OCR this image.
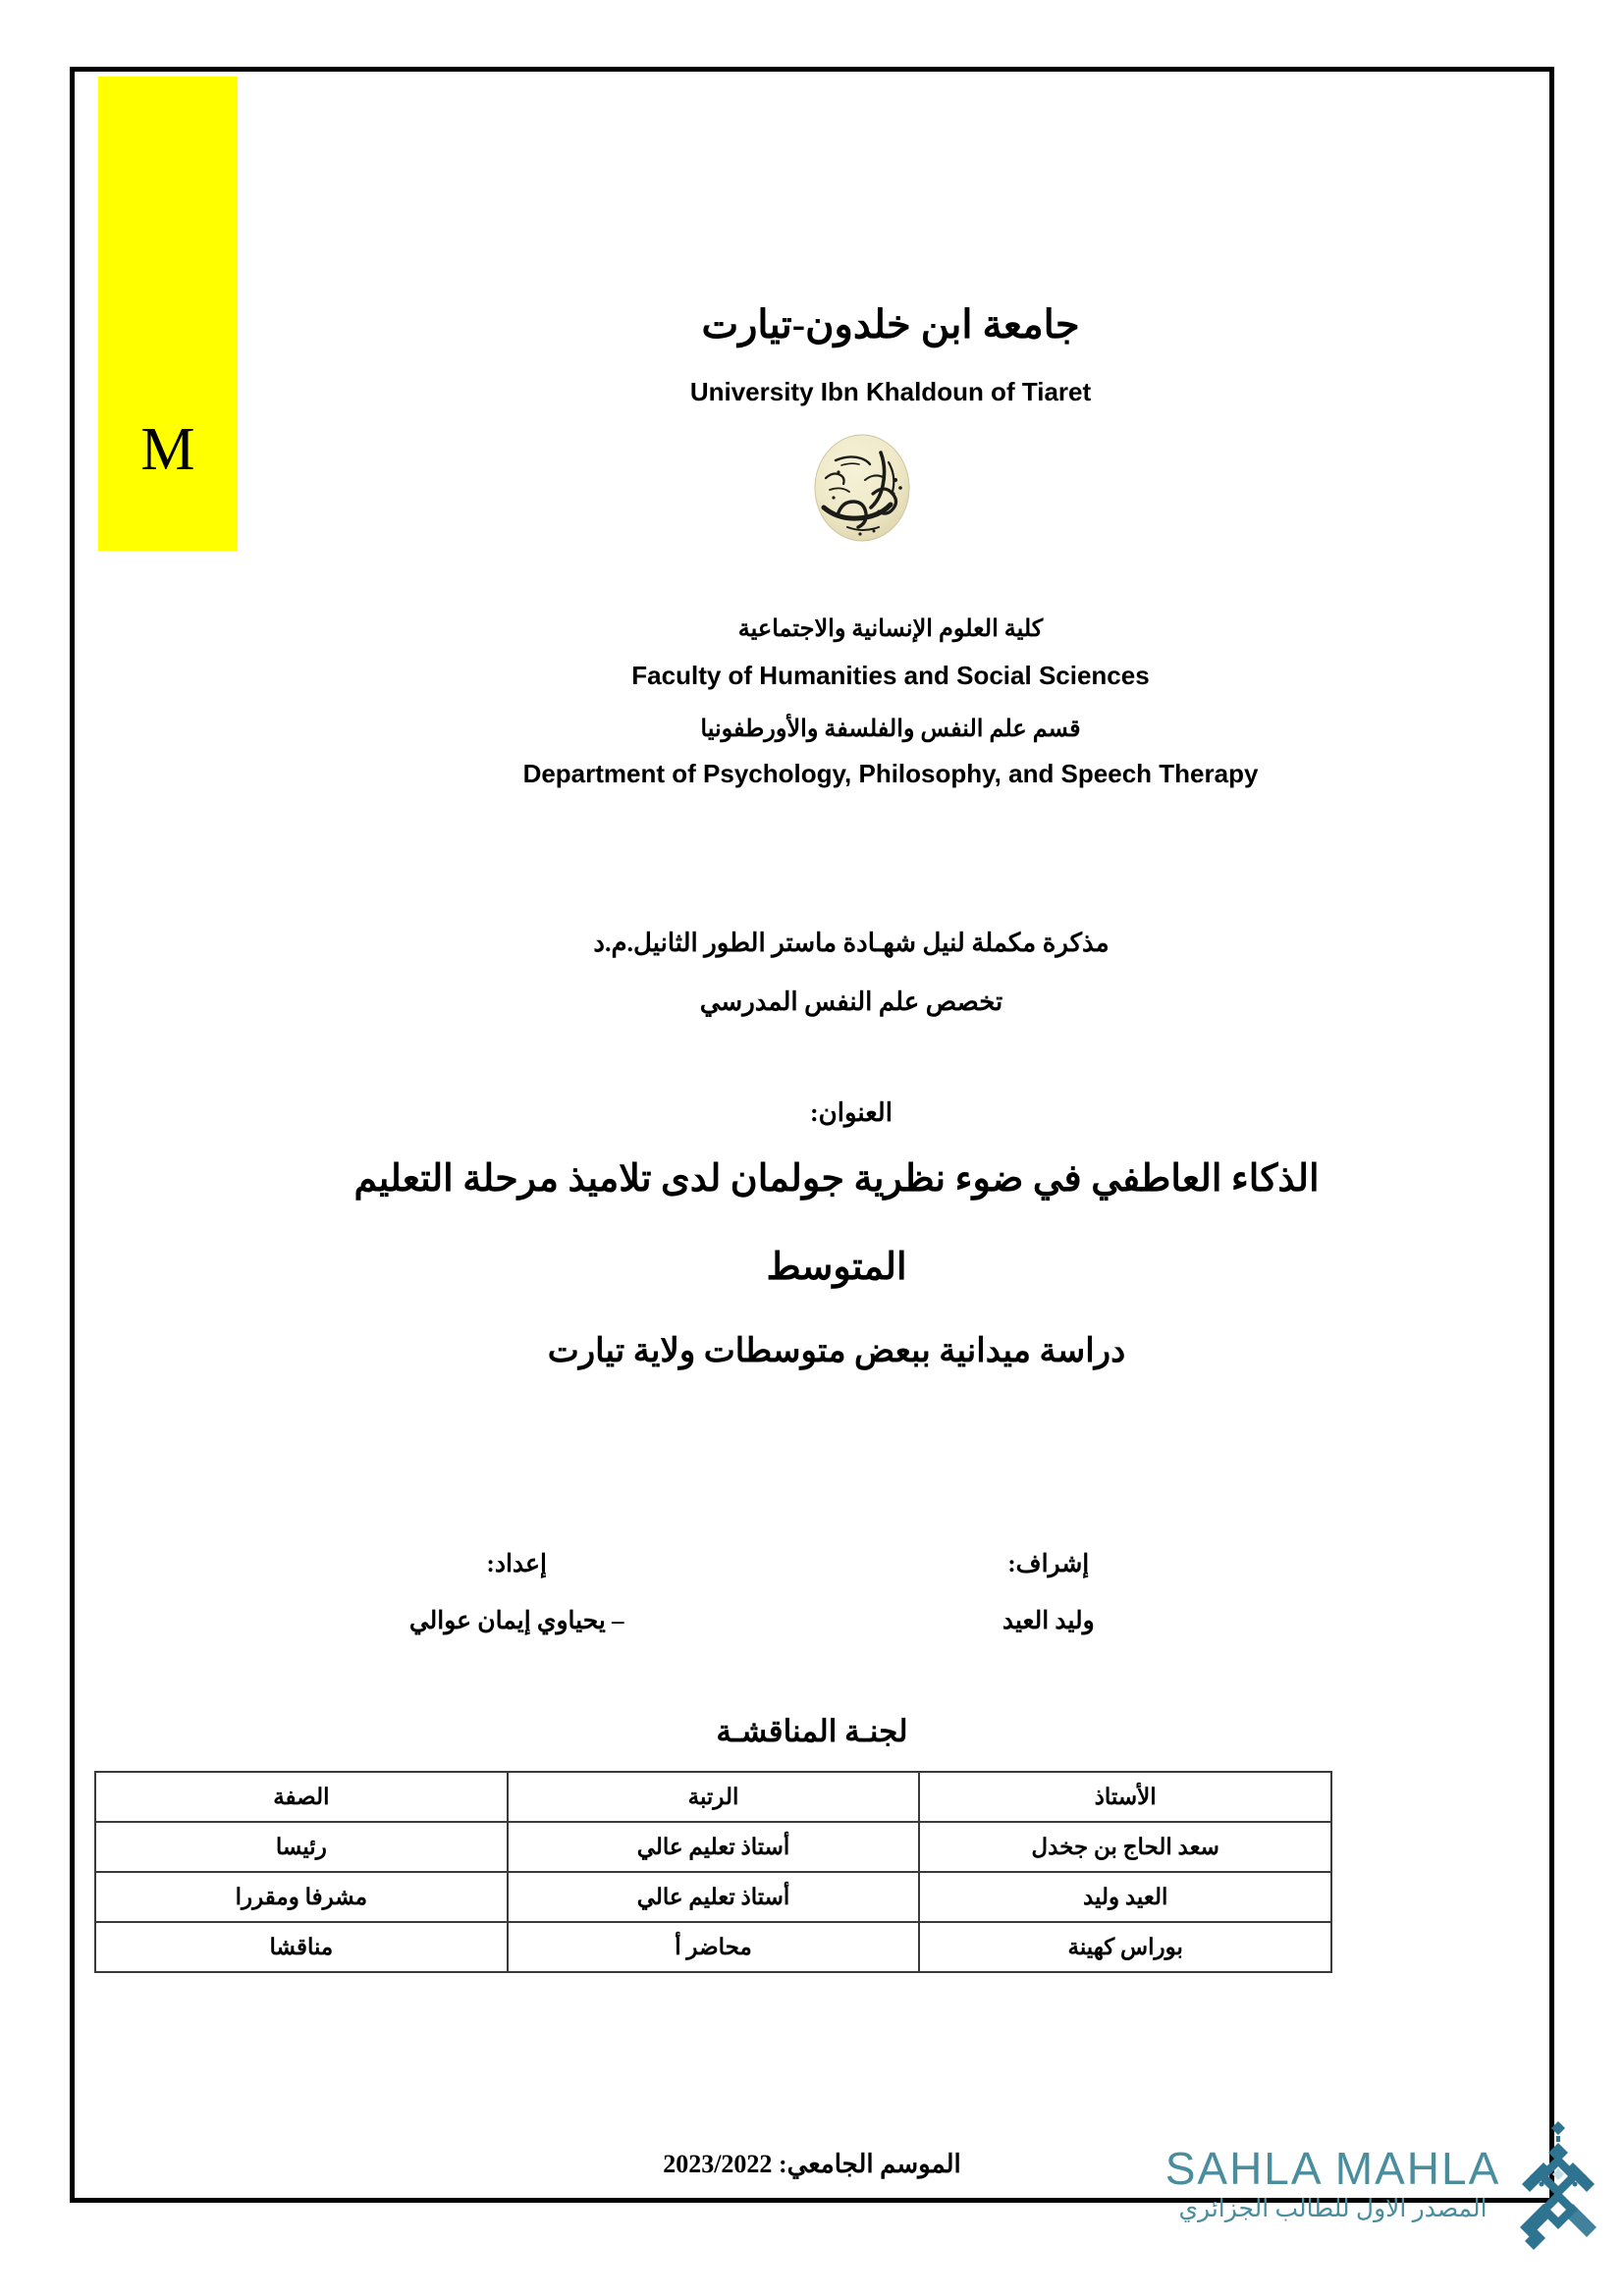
جامعة ابن خلدون-تيارت
University Ibn Khaldoun of Tiaret
كلية العلوم الإنسانية والاجتماعية
Faculty of Humanities and Social Sciences
قسم علم النفس والفلسفة والأورطفونيا
Department of Psychology, Philosophy, and Speech Therapy
مذكرة مكملة لنيل شهـادة ماستر الطور الثانيل.م.د
تخصص علم النفس المدرسي
العنوان:
الذكاء العاطفي في ضوء نظرية جولمان لدى تلاميذ مرحلة التعليم
المتوسط
دراسة ميدانية ببعض متوسطات ولاية تيارت
إعداد:
– يحياوي إيمان عوالي
إشراف:
وليد العيد
لجنـة المناقشـة
الأستاذ	الرتبة	الصفة
سعد الحاج بن جخدل	أستاذ تعليم عالي	رئيسا
العيد وليد	أستاذ تعليم عالي	مشرفا ومقررا
بوراس كهينة	محاضر أ	مناقشا
الموسم الجامعي: 2023/2022
M
SAHLA MAHLA
المصدر الاول للطالب الجزائري
